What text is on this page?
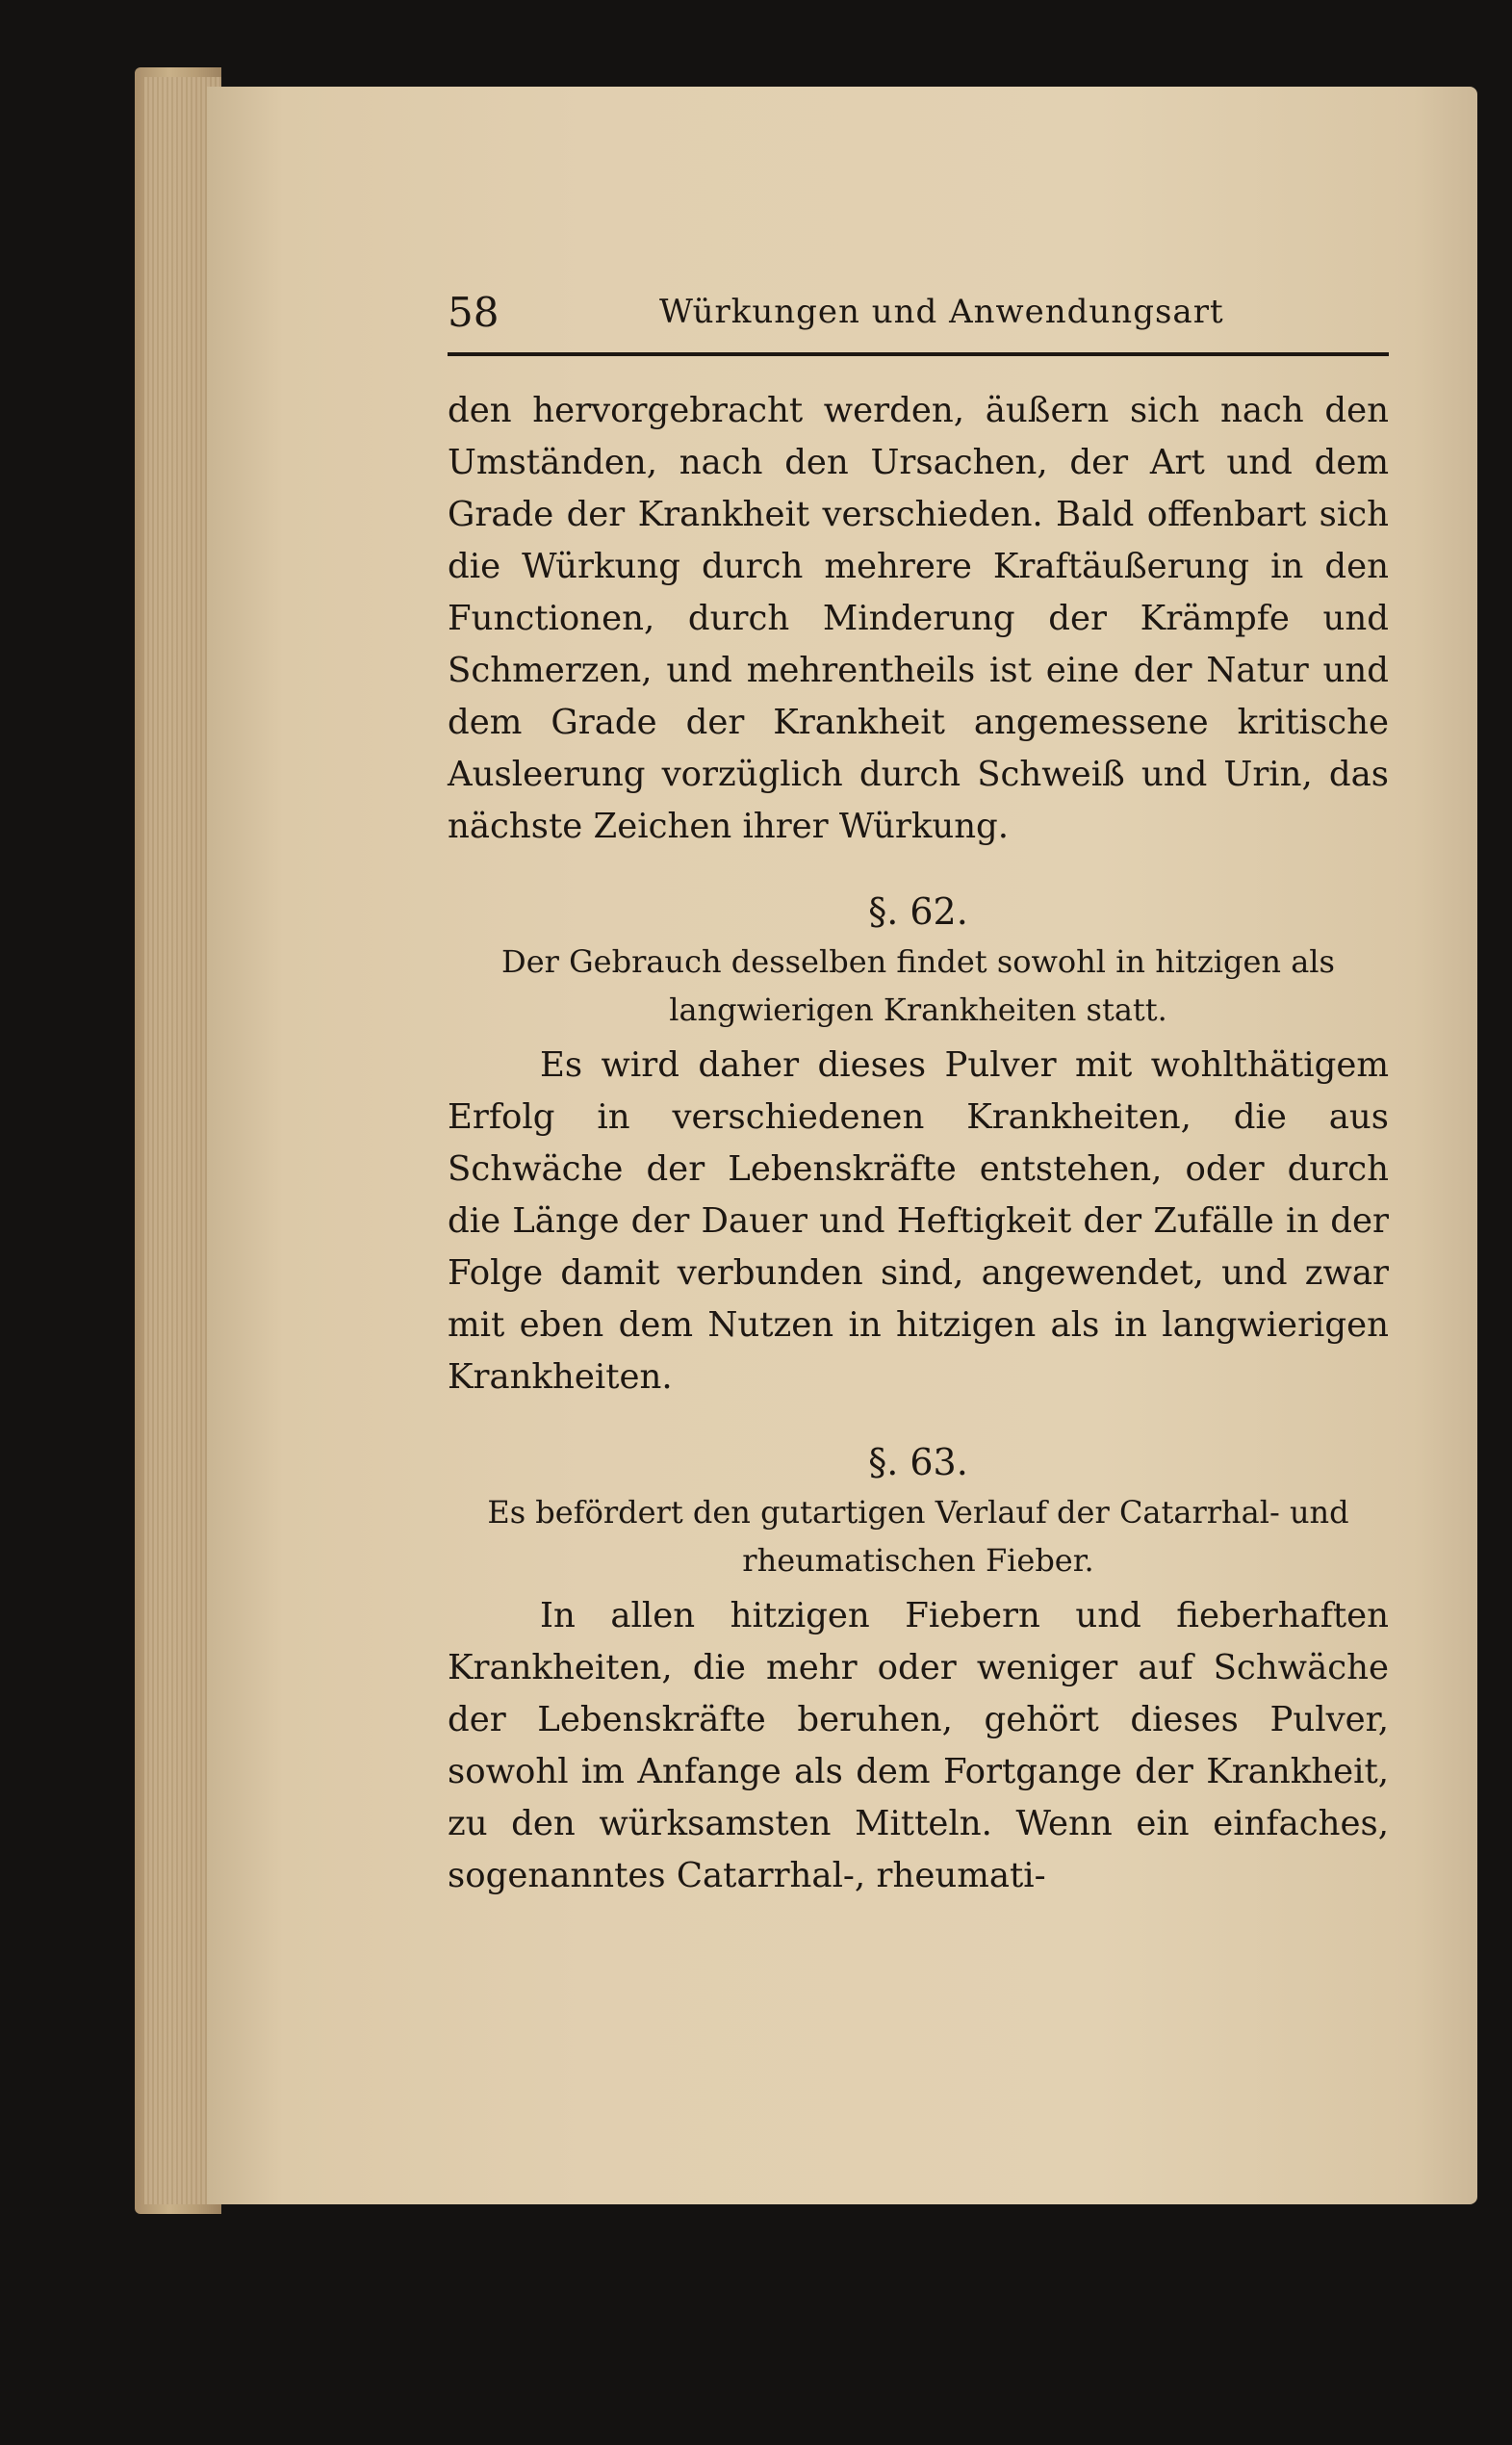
58	Würkungen und Anwendungsart

den hervorgebracht werden, äußern sich nach den Umständen, nach den Ursachen, der Art und dem Grade der Krankheit verschieden. Bald offenbart sich die Würkung durch mehrere Kraftäußerung in den Functionen, durch Minderung der Krämpfe und Schmerzen, und mehrentheils ist eine der Natur und dem Grade der Krankheit angemessene kritische Ausleerung vorzüglich durch Schweiß und Urin, das nächste Zeichen ihrer Würkung.

§. 62.

Der Gebrauch desselben findet sowohl in hitzigen als langwierigen Krankheiten statt.

Es wird daher dieses Pulver mit wohlthätigem Erfolg in verschiedenen Krankheiten, die aus Schwäche der Lebenskräfte entstehen, oder durch die Länge der Dauer und Heftigkeit der Zufälle in der Folge damit verbunden sind, angewendet, und zwar mit eben dem Nutzen in hitzigen als in langwierigen Krankheiten.

§. 63.

Es befördert den gutartigen Verlauf der Catarrhal- und rheumatischen Fieber.

In allen hitzigen Fiebern und fieberhaften Krankheiten, die mehr oder weniger auf Schwäche der Lebenskräfte beruhen, gehört dieses Pulver, sowohl im Anfange als dem Fortgange der Krankheit, zu den würksamsten Mitteln. Wenn ein einfaches, sogenanntes Catarrhal-, rheumati-
